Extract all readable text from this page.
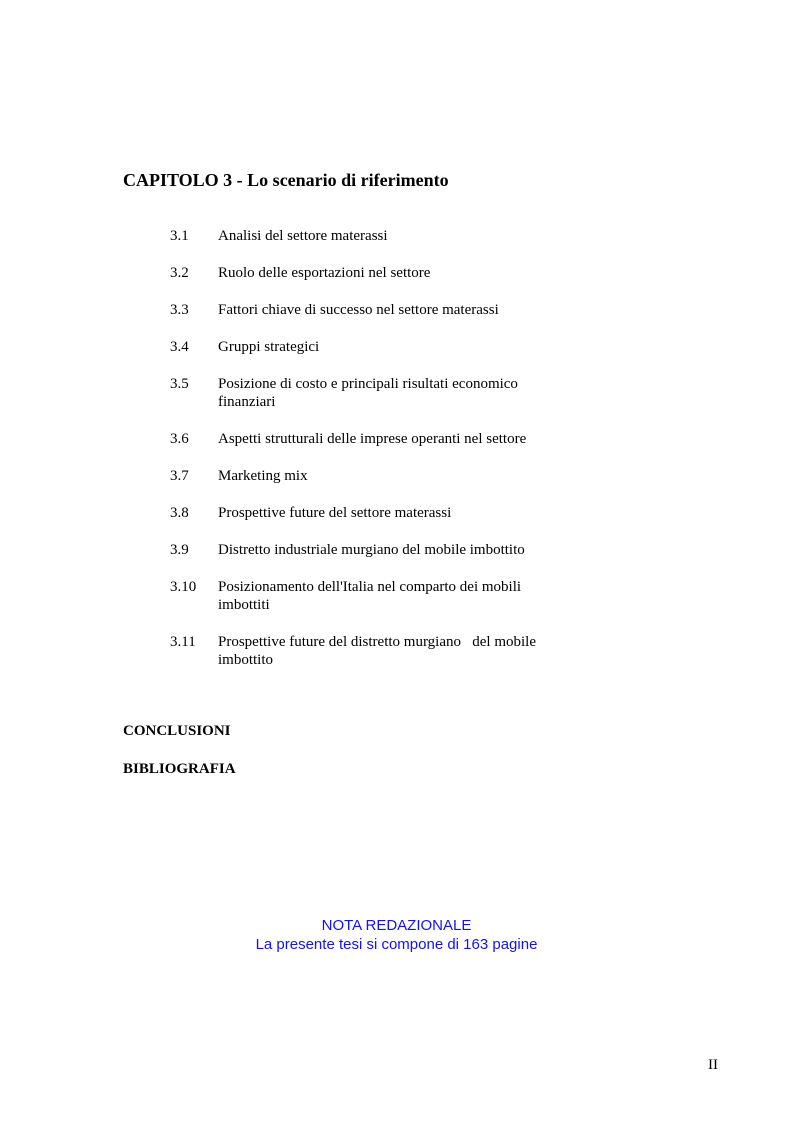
CAPITOLO 3 - Lo scenario di riferimento
3.1	Analisi del settore materassi
3.2	Ruolo delle esportazioni nel settore
3.3	Fattori chiave di successo nel settore materassi
3.4	Gruppi strategici
3.5	Posizione di costo e principali risultati economico
finanziari
3.6	Aspetti strutturali delle imprese operanti nel settore
3.7	Marketing mix
3.8	Prospettive future del settore materassi
3.9	Distretto industriale murgiano del mobile imbottito
3.10	Posizionamento dell'Italia nel comparto dei mobili
imbottiti
3.11	Prospettive future del distretto murgiano   del mobile
imbottito
CONCLUSIONI
BIBLIOGRAFIA
NOTA REDAZIONALE
La presente tesi si compone di 163 pagine
II
